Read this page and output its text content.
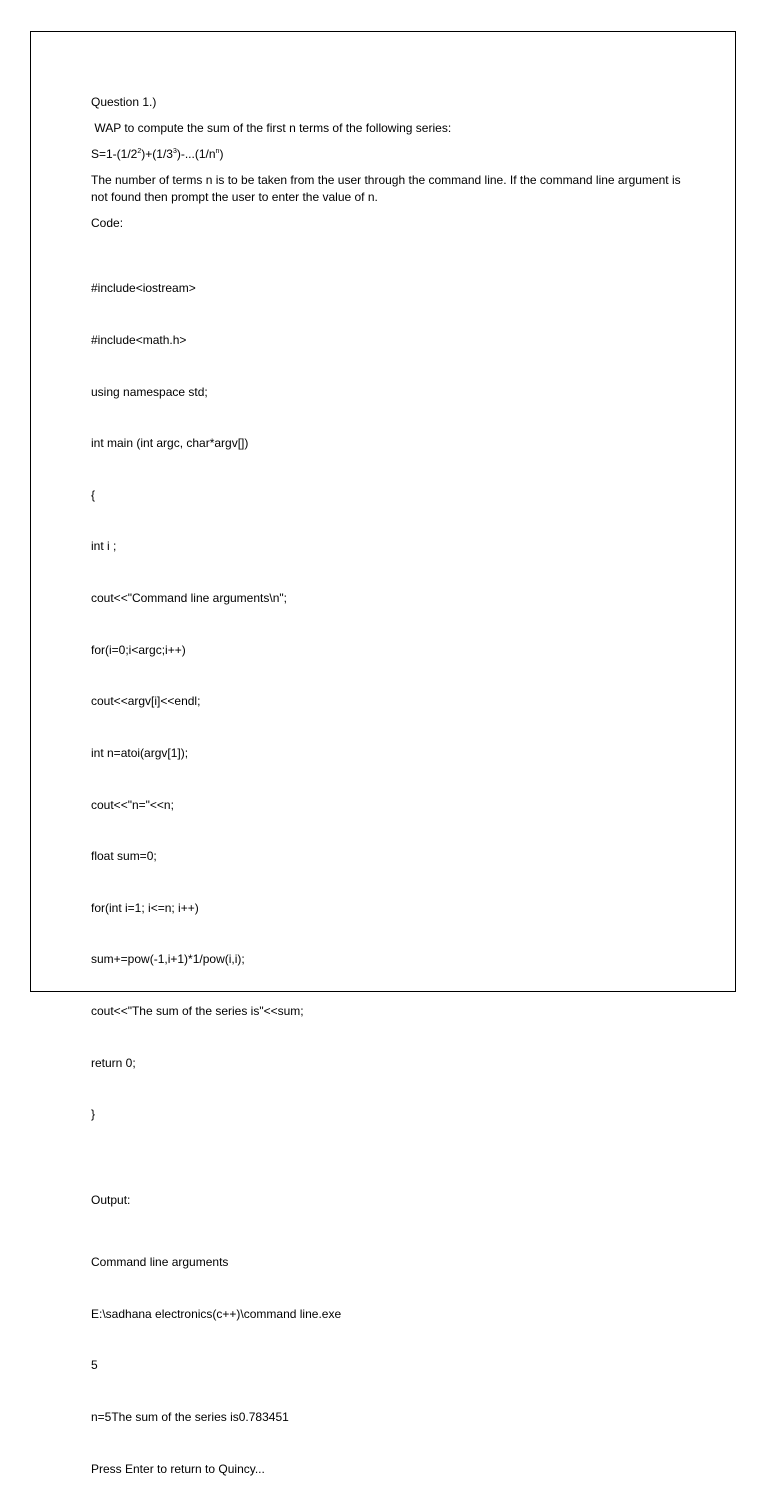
Question 1.)

WAP to compute the sum of the first n terms of the following series:

$S=1-(1/2^2)+(1/3^3)-...(1/n^n)$

The number of terms n is to be taken from the user through the command line. If the command line argument is not found then prompt the user to enter the value of n.

Code:

#include<iostream>

#include<math.h>

using namespace std;

int main (int argc, char*argv[])

{

int i ;

cout<<"Command line arguments\n";

for(i=0;i<argc;i++)

cout<<argv[i]<<endl;

int n=atoi(argv[1]);

cout<<"n="<<n;

float sum=0;

for(int i=1; i<=n; i++)

sum+=pow(-1,i+1)*1/pow(i,i);

cout<<"The sum of the series is"<<sum;

return 0;

}

Output:

Command line arguments

E:\sadhana electronics(c++)\command line.exe

5

n=5The sum of the series is0.783451

Press Enter to return to Quincy...
